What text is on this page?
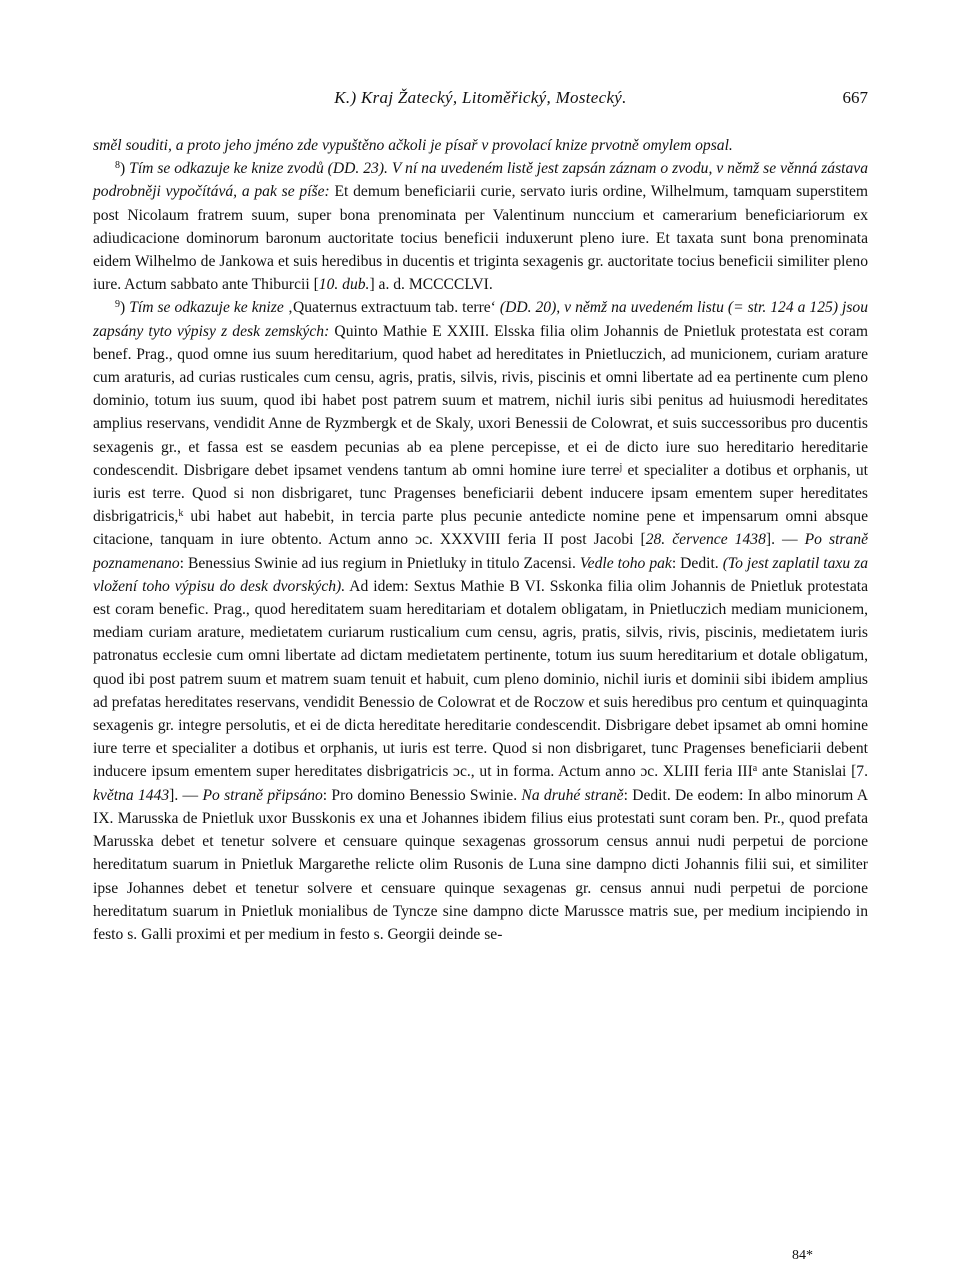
K.) Kraj Žatecký, Litoměřický, Mostecký.	667

směl souditi, a proto jeho jméno zde vypuštěno ačkoli je písař v provolací knize prvotně omylem opsal.

$^8$) Tím se odkazuje ke knize zvodů (DD. 23). V ní na uvedeném listě jest zapsán záznam o zvodu, v němž se věnná zástava podrobněji vypočítává, a pak se píše: Et demum beneficiarii curie, servato iuris ordine, Wilhelmum, tamquam superstitem post Nicolaum fratrem suum, super bona prenominata per Valentinum nunccium et camerarium beneficiariorum ex adiudicacione dominorum baronum auctoritate tocius beneficii induxerunt pleno iure. Et taxata sunt bona prenominata eidem Wilhelmo de Jankowa et suis heredibus in ducentis et triginta sexagenis gr. auctoritate tocius beneficii similiter pleno iure. Actum sabbato ante Thiburcii [10. dub.] a. d. MCCCCLVI.

$^9$) Tím se odkazuje ke knize ‚Quaternus extractuum tab. terre‘ (DD. 20), v němž na uvedeném listu (= str. 124 a 125) jsou zapsány tyto výpisy z desk zemských: Quinto Mathie E XXIII. Elsska filia olim Johannis de Pnietluk protestata est coram benef. Prag., quod omne ius suum hereditarium, quod habet ad hereditates in Pnietluczich, ad municionem, curiam arature cum araturis, ad curias rusticales cum censu, agris, pratis, silvis, rivis, piscinis et omni libertate ad ea pertinente cum pleno dominio, totum ius suum, quod ibi habet post patrem suum et matrem, nichil iuris sibi penitus ad huiusmodi hereditates amplius reservans, vendidit Anne de Ryzmbergk et de Skaly, uxori Benessii de Colowrat, et suis successoribus pro ducentis sexagenis gr., et fassa est se easdem pecunias ab ea plene percepisse, et ei de dicto iure suo hereditario hereditarie condescendit. Disbrigare debet ipsamet vendens tantum ab omni homine iure terre$^j$ et specialiter a dotibus et orphanis, ut iuris est terre. Quod si non disbrigaret, tunc Pragenses beneficiarii debent inducere ipsam ementem super hereditates disbrigatricis,$^k$ ubi habet aut habebit, in tercia parte plus pecunie antedicte nomine pene et impensarum omni absque citacione, tanquam in iure obtento. Actum anno ɔc. XXXVIII feria II post Jacobi [28. července 1438]. — Po straně poznamenano: Benessius Swinie ad ius regium in Pnietluky in titulo Zacensi. Vedle toho pak: Dedit. (To jest zaplatil taxu za vložení toho výpisu do desk dvorských). Ad idem: Sextus Mathie B VI. Sskonka filia olim Johannis de Pnietluk protestata est coram benefic. Prag., quod hereditatem suam hereditariam et dotalem obligatam, in Pnietluczich mediam municionem, mediam curiam arature, medietatem curiarum rusticalium cum censu, agris, pratis, silvis, rivis, piscinis, medietatem iuris patronatus ecclesie cum omni libertate ad dictam medietatem pertinente, totum ius suum hereditarium et dotale obligatum, quod ibi post patrem suum et matrem suam tenuit et habuit, cum pleno dominio, nichil iuris et dominii sibi ibidem amplius ad prefatas hereditates reservans, vendidit Benessio de Colowrat et de Roczow et suis heredibus pro centum et quinquaginta sexagenis gr. integre persolutis, et ei de dicta hereditate hereditarie condescendit. Disbrigare debet ipsamet ab omni homine iure terre et specialiter a dotibus et orphanis, ut iuris est terre. Quod si non disbrigaret, tunc Pragenses beneficiarii debent inducere ipsum ementem super hereditates disbrigatricis ɔc., ut in forma. Actum anno ɔc. XLIII feria III$^a$ ante Stanislai [7. května 1443]. — Po straně připsáno: Pro domino Benessio Swinie. Na druhé straně: Dedit. De eodem: In albo minorum A IX. Marusska de Pnietluk uxor Busskonis ex una et Johannes ibidem filius eius protestati sunt coram ben. Pr., quod prefata Marusska debet et tenetur solvere et censuare quinque sexagenas grossorum census annui nudi perpetui de porcione hereditatum suarum in Pnietluk Margarethe relicte olim Rusonis de Luna sine dampno dicti Johannis filii sui, et similiter ipse Johannes debet et tenetur solvere et censuare quinque sexagenas gr. census annui nudi perpetui de porcione hereditatum suarum in Pnietluk monialibus de Tyncze sine dampno dicte Marussce matris sue, per medium incipiendo in festo s. Galli proximi et per medium in festo s. Georgii deinde se-

84*
